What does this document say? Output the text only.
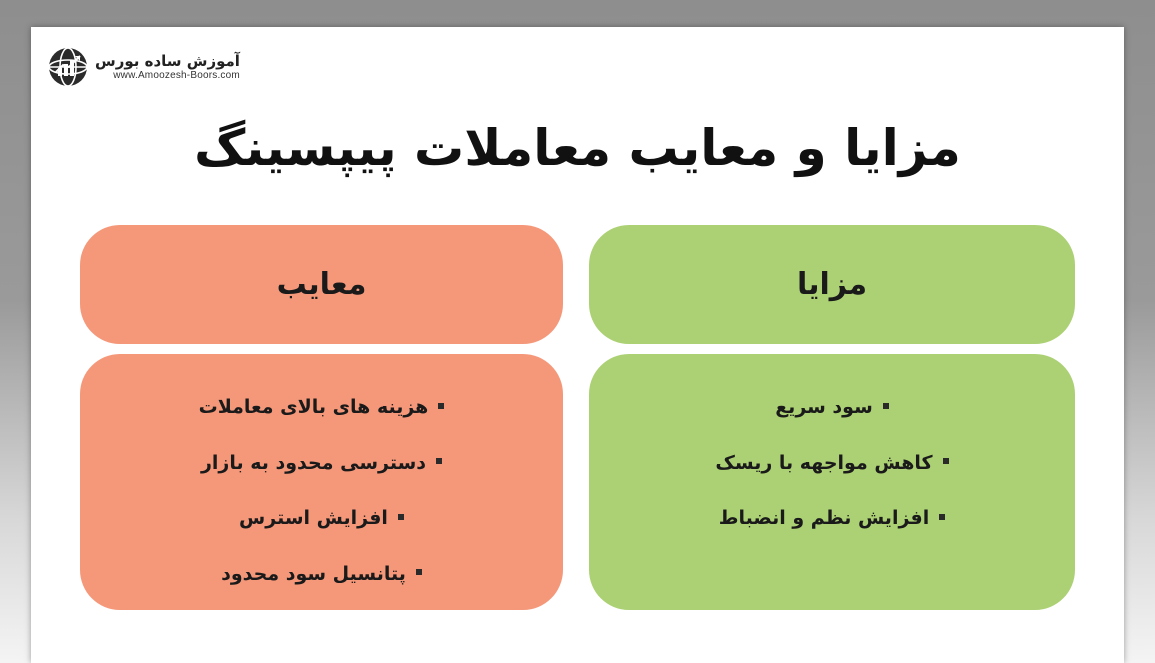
آموزش ساده بورس
www.Amoozesh-Boors.com
مزایا و معایب معاملات پیپسینگ
مزایا
سود سریع
کاهش مواجهه با ریسک
افزایش نظم و انضباط
معایب
هزینه های بالای معاملات
دسترسی محدود به بازار
افزایش استرس
پتانسیل سود محدود
